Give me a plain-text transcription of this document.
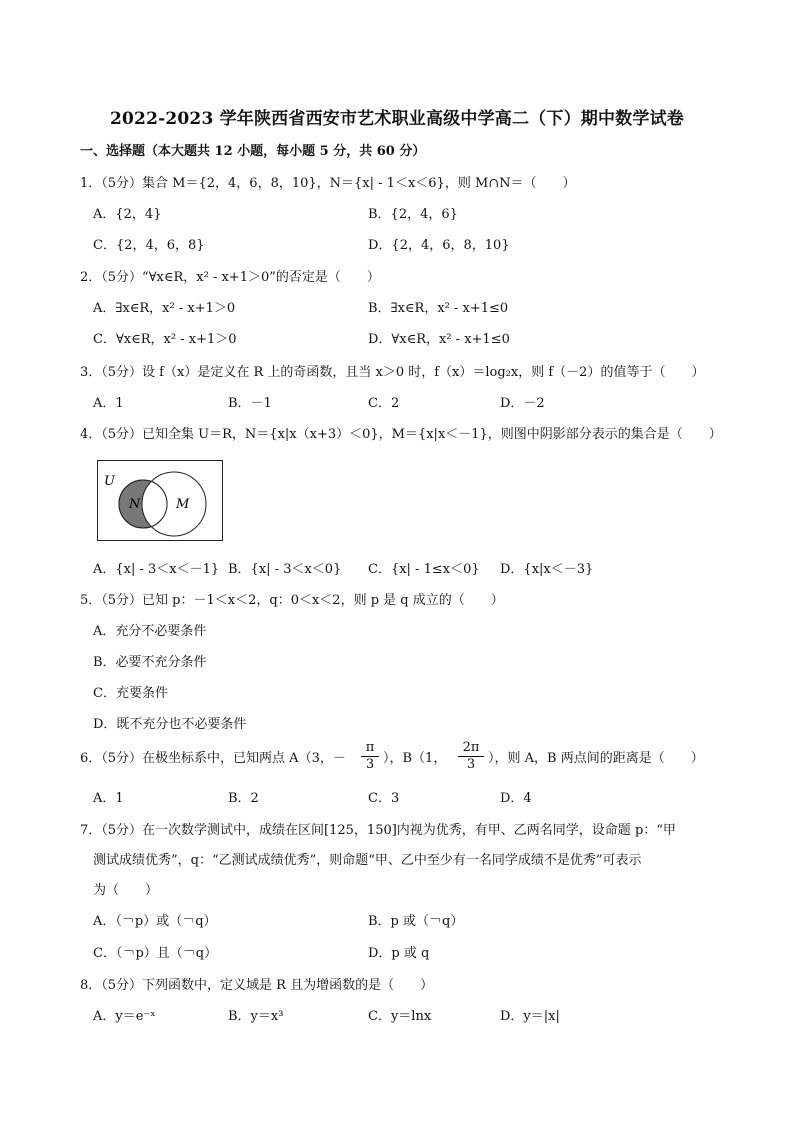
2022-2023 学年陕西省西安市艺术职业高级中学高二（下）期中数学试卷
一、选择题（本大题共 12 小题，每小题 5 分，共 60 分）
1．（5分）集合 M＝{2，4，6，8，10}，N＝{x| - 1＜x＜6}，则 M∩N＝（　　）
A．{2，4}	B．{2，4，6}
C．{2，4，6，8}	D．{2，4，6，8，10}
2．（5分）“∀x∈R，x² - x+1＞0”的否定是（　　）
A．∃x∈R，x² - x+1＞0	B．∃x∈R，x² - x+1≤0
C．∀x∈R，x² - x+1＞0	D．∀x∈R，x² - x+1≤0
3．（5分）设 f（x）是定义在 R 上的奇函数，且当 x＞0 时，f（x）＝log₂x，则 f（－2）的值等于（　　）
A．1	B．－1	C．2	D．－2
4．（5分）已知全集 U＝R，N＝{x|x（x+3）＜0}，M＝{x|x＜－1}，则图中阴影部分表示的集合是（　　）
U
N	M
A．{x| - 3＜x＜－1} B．{x| - 3＜x＜0} C．{x| - 1≤x＜0} D．{x|x＜－3}
5．（5分）已知 p：－1＜x＜2，q：0＜x＜2，则 p 是 q 成立的（　　）
A．充分不必要条件
B．必要不充分条件
C．充要条件
D．既不充分也不必要条件
6．（5分）在极坐标系中，已知两点 A（3，－ $\frac{\pi}{3}$ ），B（1， $\frac{2\pi}{3}$ ），则 A，B 两点间的距离是（　　）
A．1	B．2	C．3	D．4
7．（5分）在一次数学测试中，成绩在区间[125，150]内视为优秀，有甲、乙两名同学，设命题 p：“甲
测试成绩优秀”，q：“乙测试成绩优秀”，则命题“甲、乙中至少有一名同学成绩不是优秀”可表示
为（　　）
A．（￢p）或（￢q）	B．p 或（￢q）
C．（￢p）且（￢q）	D．p 或 q
8．（5分）下列函数中，定义域是 R 且为增函数的是（　　）
A．y＝e⁻ˣ	B．y＝x³	C．y＝lnx	D．y＝|x|
